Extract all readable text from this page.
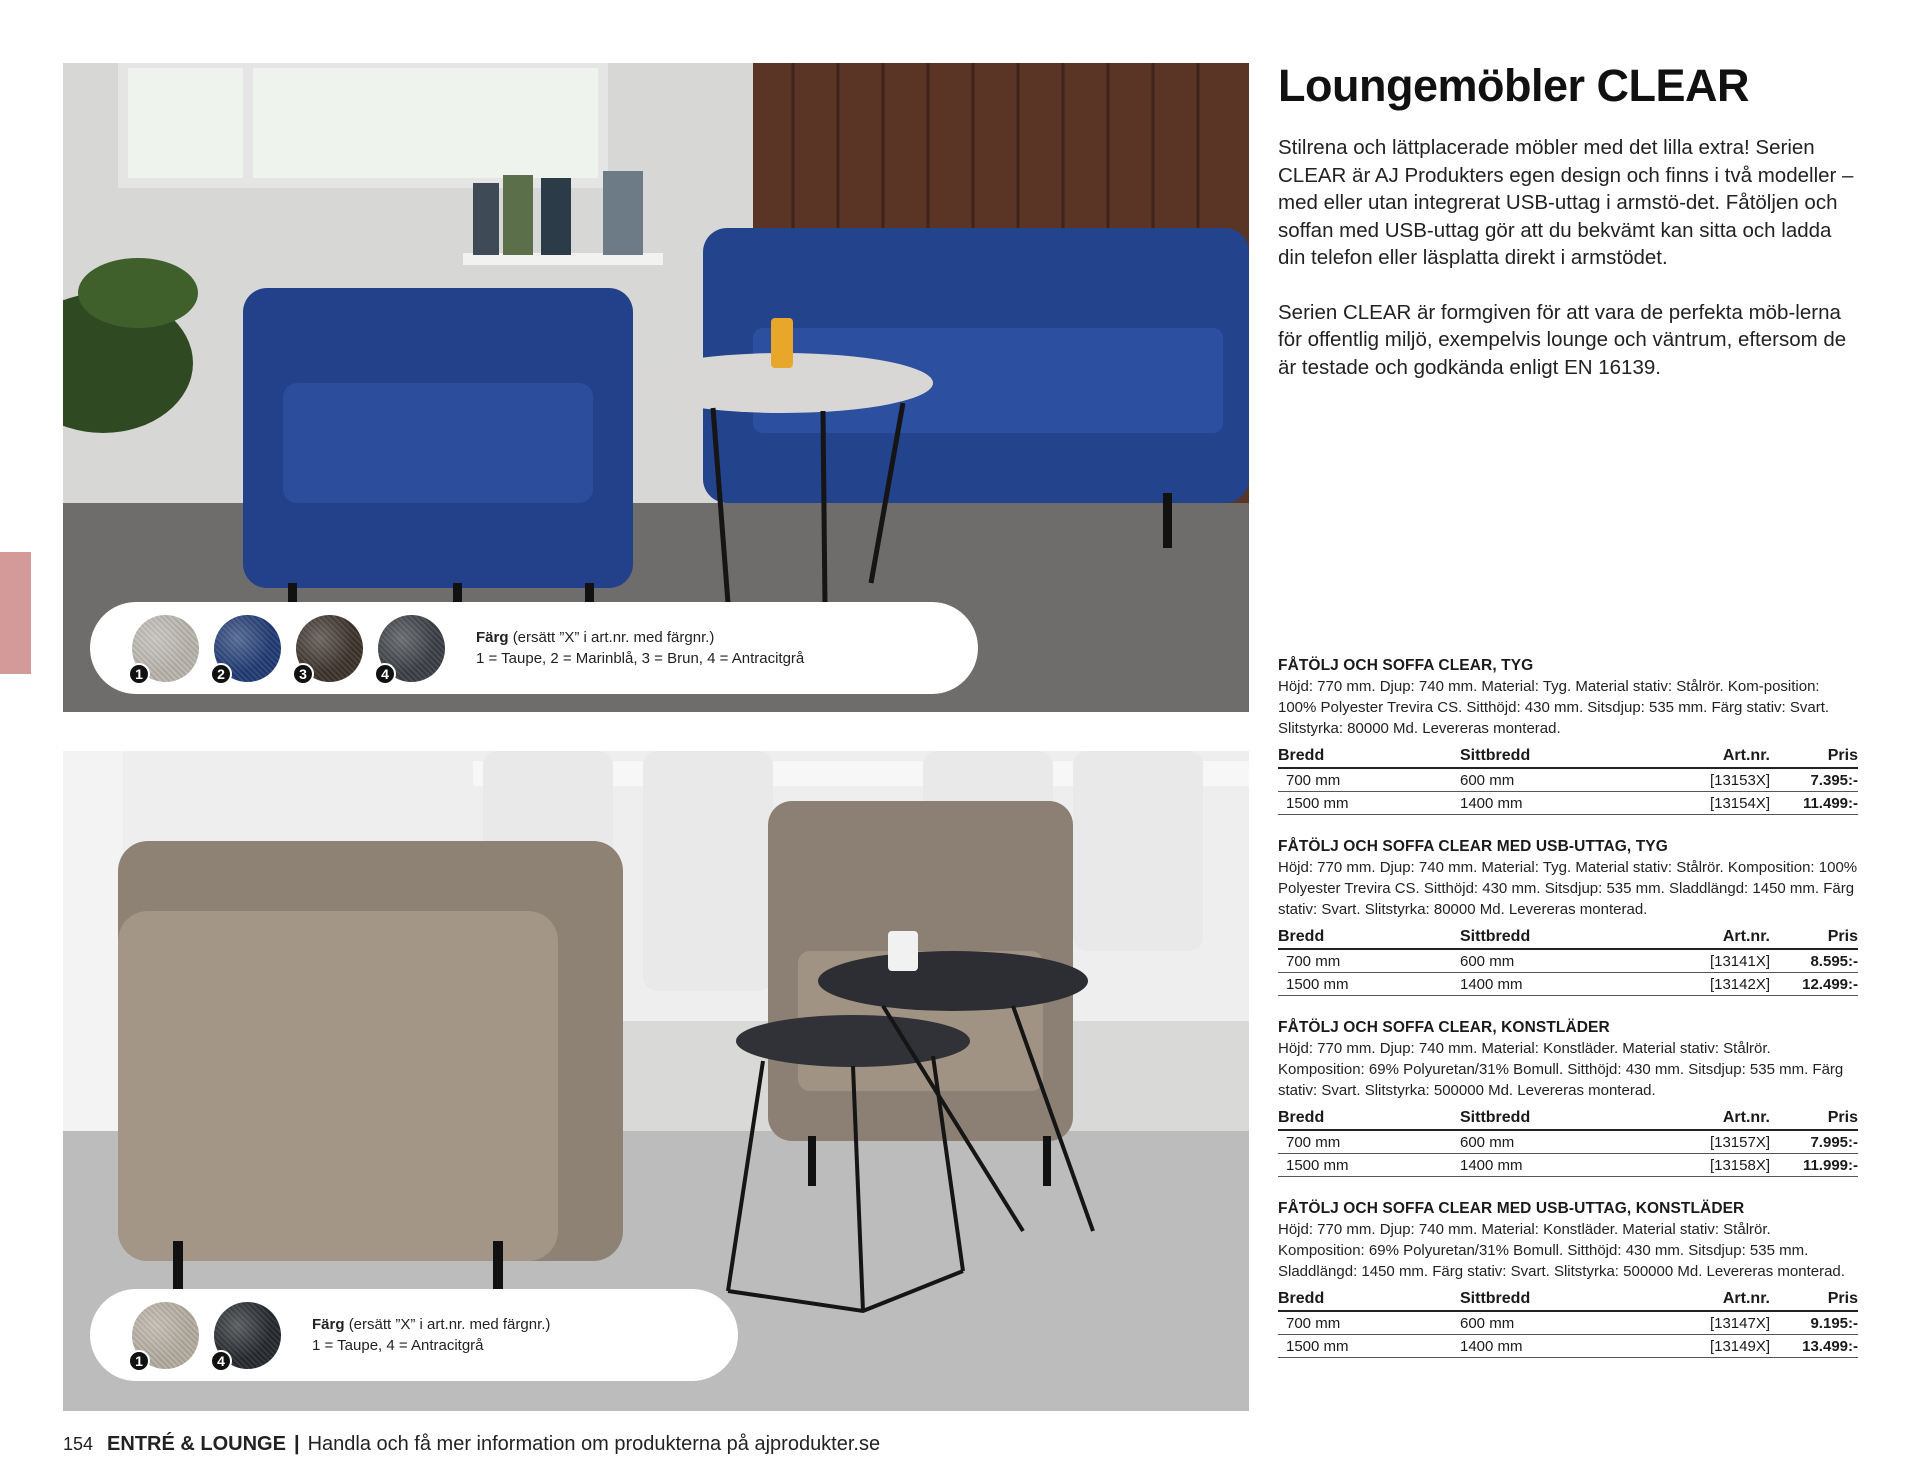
1	2	3	4
Färg (ersätt ”X” i art.nr. med färgnr.)
1 = Taupe, 2 = Marinblå, 3 = Brun, 4 = Antracitgrå
1	4
Färg (ersätt ”X” i art.nr. med färgnr.)
1 = Taupe, 4 = Antracitgrå
Loungemöbler CLEAR

Stilrena och lättplacerade möbler med det lilla extra! Serien CLEAR är AJ Produkters egen design och finns i två modeller – med eller utan integrerat USB-uttag i armstö-det. Fåtöljen och soffan med USB-uttag gör att du bekvämt kan sitta och ladda din telefon eller läsplatta direkt i armstödet.

Serien CLEAR är formgiven för att vara de perfekta möb-lerna för offentlig miljö, exempelvis lounge och väntrum, eftersom de är testade och godkända enligt EN 16139.

FÅTÖLJ OCH SOFFA CLEAR, TYG
Höjd: 770 mm. Djup: 740 mm. Material: Tyg. Material stativ: Stålrör. Kom-position: 100% Polyester Trevira CS. Sitthöjd: 430 mm. Sitsdjup: 535 mm. Färg stativ: Svart. Slitstyrka: 80000 Md. Levereras monterad.
Bredd	Sittbredd	Art.nr.	Pris
700 mm	600 mm	[13153X]	7.395:-
1500 mm	1400 mm	[13154X]	11.499:-
FÅTÖLJ OCH SOFFA CLEAR MED USB-UTTAG, TYG
Höjd: 770 mm. Djup: 740 mm. Material: Tyg. Material stativ: Stålrör. Komposition: 100% Polyester Trevira CS. Sitthöjd: 430 mm. Sitsdjup: 535 mm. Sladdlängd: 1450 mm. Färg stativ: Svart. Slitstyrka: 80000 Md. Levereras monterad.
Bredd	Sittbredd	Art.nr.	Pris
700 mm	600 mm	[13141X]	8.595:-
1500 mm	1400 mm	[13142X]	12.499:-
FÅTÖLJ OCH SOFFA CLEAR, KONSTLÄDER
Höjd: 770 mm. Djup: 740 mm. Material: Konstläder. Material stativ: Stålrör. Komposition: 69% Polyuretan/31% Bomull. Sitthöjd: 430 mm. Sitsdjup: 535 mm. Färg stativ: Svart. Slitstyrka: 500000 Md. Levereras monterad.
Bredd	Sittbredd	Art.nr.	Pris
700 mm	600 mm	[13157X]	7.995:-
1500 mm	1400 mm	[13158X]	11.999:-
FÅTÖLJ OCH SOFFA CLEAR MED USB-UTTAG, KONSTLÄDER
Höjd: 770 mm. Djup: 740 mm. Material: Konstläder. Material stativ: Stålrör. Komposition: 69% Polyuretan/31% Bomull. Sitthöjd: 430 mm. Sitsdjup: 535 mm. Sladdlängd: 1450 mm. Färg stativ: Svart. Slitstyrka: 500000 Md. Levereras monterad.
Bredd	Sittbredd	Art.nr.	Pris
700 mm	600 mm	[13147X]	9.195:-
1500 mm	1400 mm	[13149X]	13.499:-
154 ENTRÉ & LOUNGE | Handla och få mer information om produkterna på ajprodukter.se
